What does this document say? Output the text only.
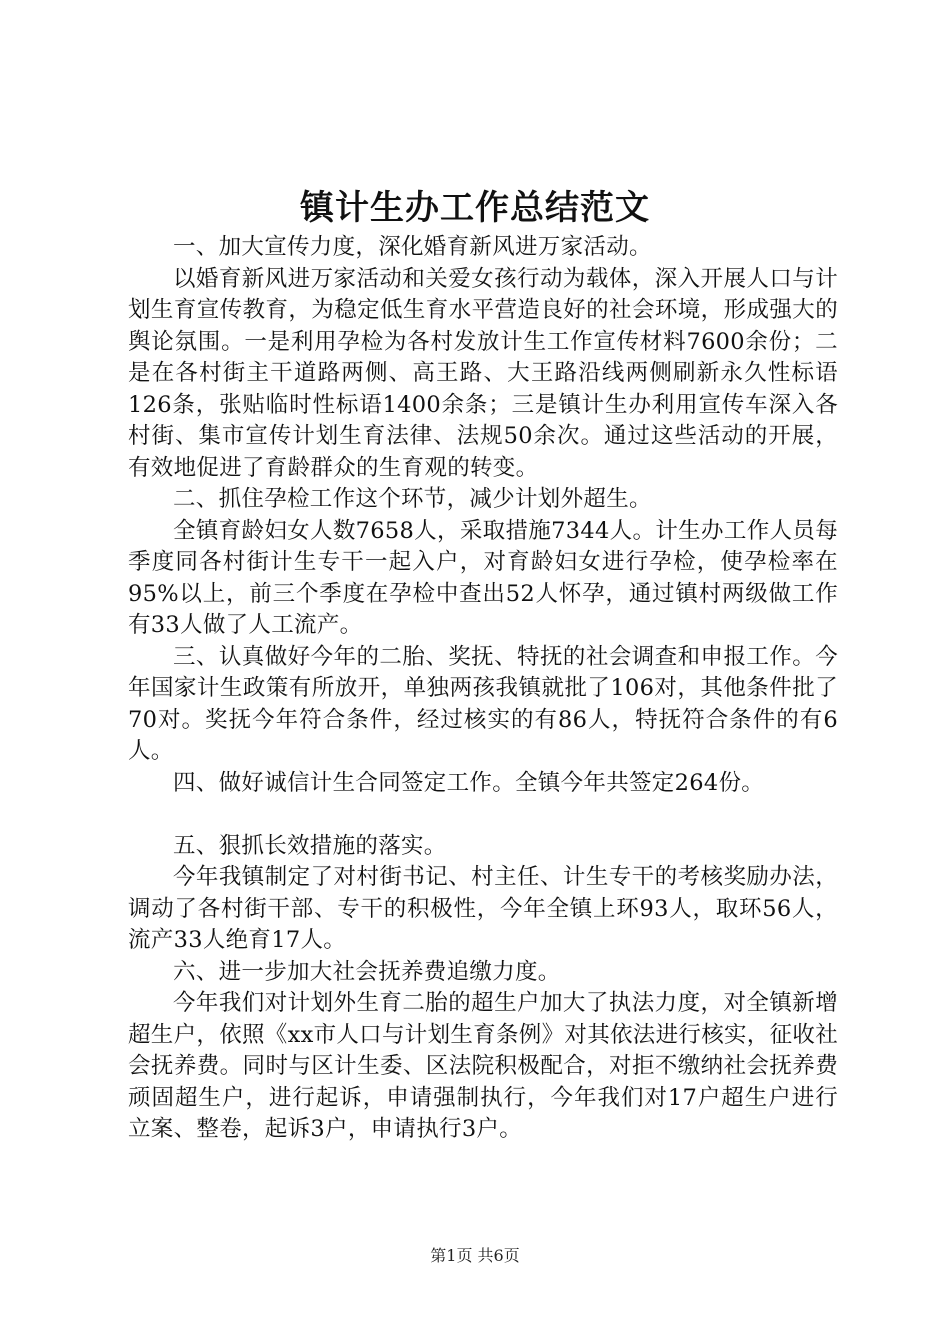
镇计生办工作总结范文

一、加大宣传力度，深化婚育新风进万家活动。

以婚育新风进万家活动和关爱女孩行动为载体，深入开展人口与计划生育宣传教育，为稳定低生育水平营造良好的社会环境，形成强大的舆论氛围。一是利用孕检为各村发放计生工作宣传材料7600余份；二是在各村街主干道路两侧、高王路、大王路沿线两侧刷新永久性标语126条，张贴临时性标语1400余条；三是镇计生办利用宣传车深入各村街、集市宣传计划生育法律、法规50余次。通过这些活动的开展，有效地促进了育龄群众的生育观的转变。

二、抓住孕检工作这个环节，减少计划外超生。

全镇育龄妇女人数7658人，采取措施7344人。计生办工作人员每季度同各村街计生专干一起入户，对育龄妇女进行孕检，使孕检率在95%以上，前三个季度在孕检中查出52人怀孕，通过镇村两级做工作有33人做了人工流产。

三、认真做好今年的二胎、奖抚、特抚的社会调查和申报工作。今年国家计生政策有所放开，单独两孩我镇就批了106对，其他条件批了70对。奖抚今年符合条件，经过核实的有86人，特抚符合条件的有6人。

四、做好诚信计生合同签定工作。全镇今年共签定264份。

五、狠抓长效措施的落实。

今年我镇制定了对村街书记、村主任、计生专干的考核奖励办法，调动了各村街干部、专干的积极性，今年全镇上环93人，取环56人，流产33人绝育17人。

六、进一步加大社会抚养费追缴力度。

今年我们对计划外生育二胎的超生户加大了执法力度，对全镇新增超生户，依照《xx市人口与计划生育条例》对其依法进行核实，征收社会抚养费。同时与区计生委、区法院积极配合，对拒不缴纳社会抚养费顽固超生户，进行起诉，申请强制执行，今年我们对17户超生户进行立案、整卷，起诉3户，申请执行3户。

第1页 共6页
